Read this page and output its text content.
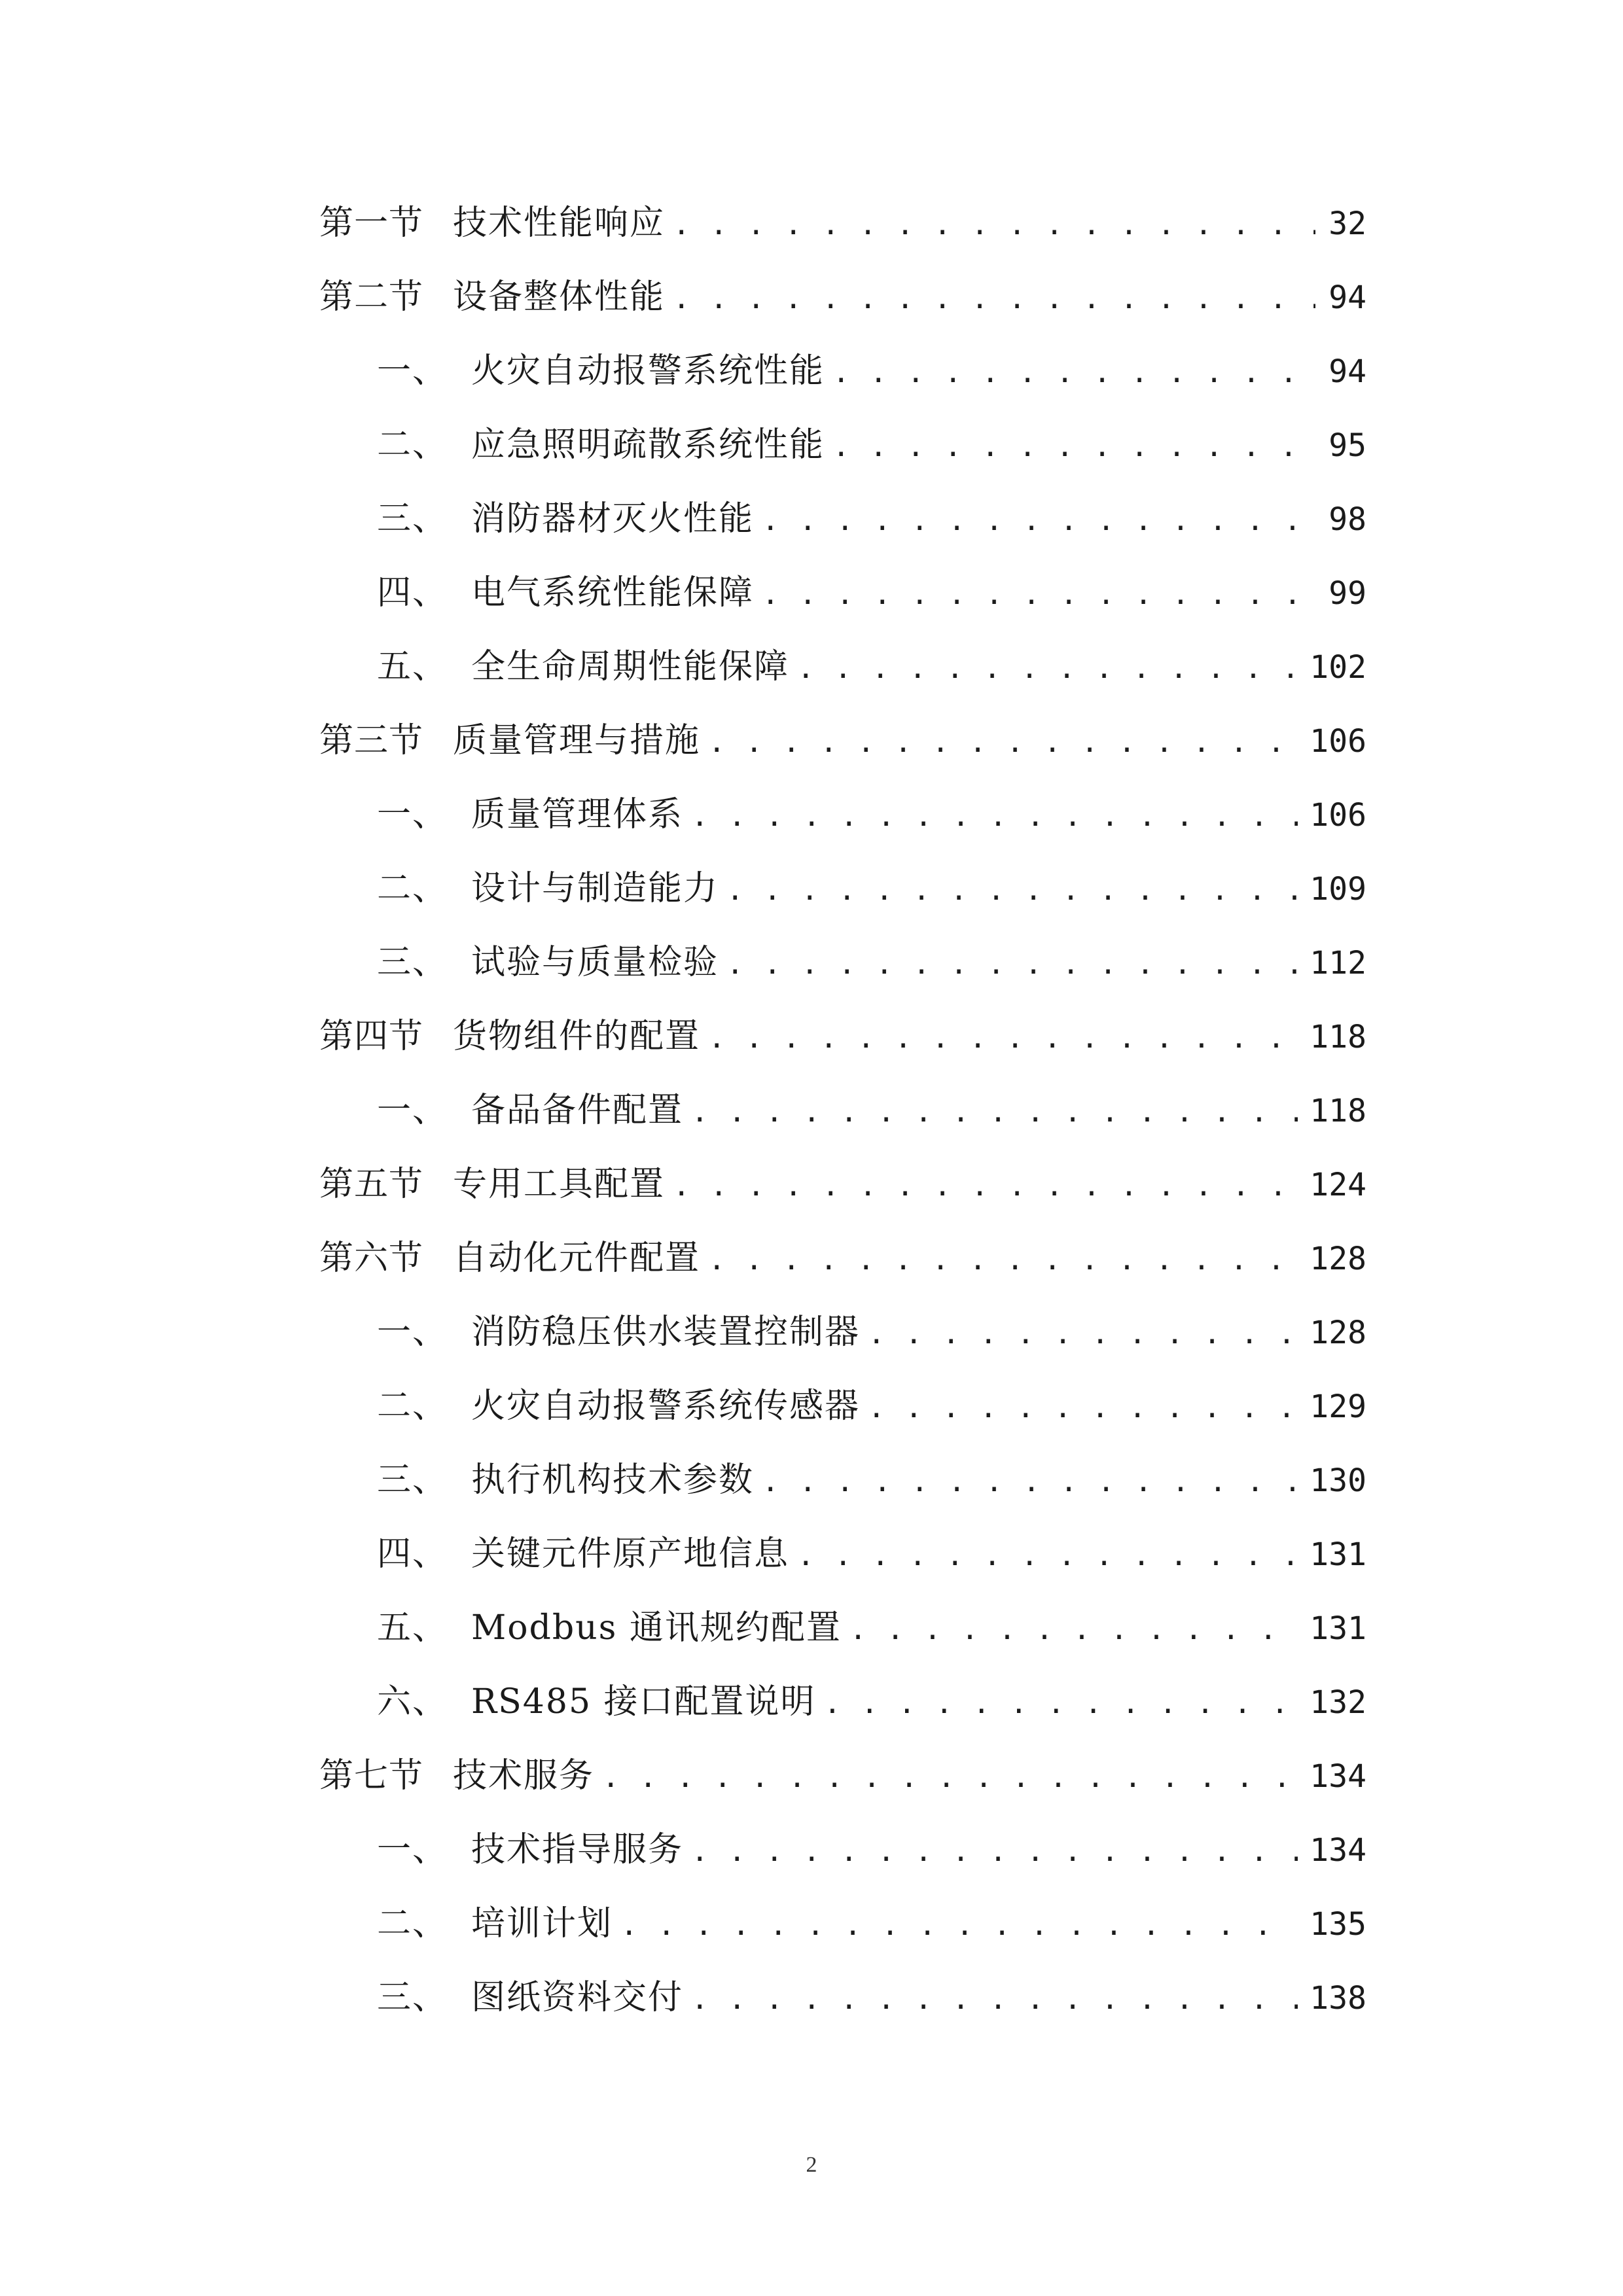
第一节 技术性能响应 . . .	32
第二节 设备整体性能 . . .	94
一、 火灾自动报警系统性能 . . .	94
二、 应急照明疏散系统性能 . . .	95
三、 消防器材灭火性能 . . .	98
四、 电气系统性能保障 . . .	99
五、 全生命周期性能保障 . . .	102
第三节 质量管理与措施 . . .	106
一、 质量管理体系 . . .	106
二、 设计与制造能力 . . .	109
三、 试验与质量检验 . . .	112
第四节 货物组件的配置 . . .	118
一、 备品备件配置 . . .	118
第五节 专用工具配置 . . .	124
第六节 自动化元件配置 . . .	128
一、 消防稳压供水装置控制器 . . .	128
二、 火灾自动报警系统传感器 . . .	129
三、 执行机构技术参数 . . .	130
四、 关键元件原产地信息 . . .	131
五、 Modbus 通讯规约配置 . . .	131
六、 RS485 接口配置说明 . . .	132
第七节 技术服务 . . .	134
一、 技术指导服务 . . .	134
二、 培训计划 . . .	135
三、 图纸资料交付 . . .	138
2
